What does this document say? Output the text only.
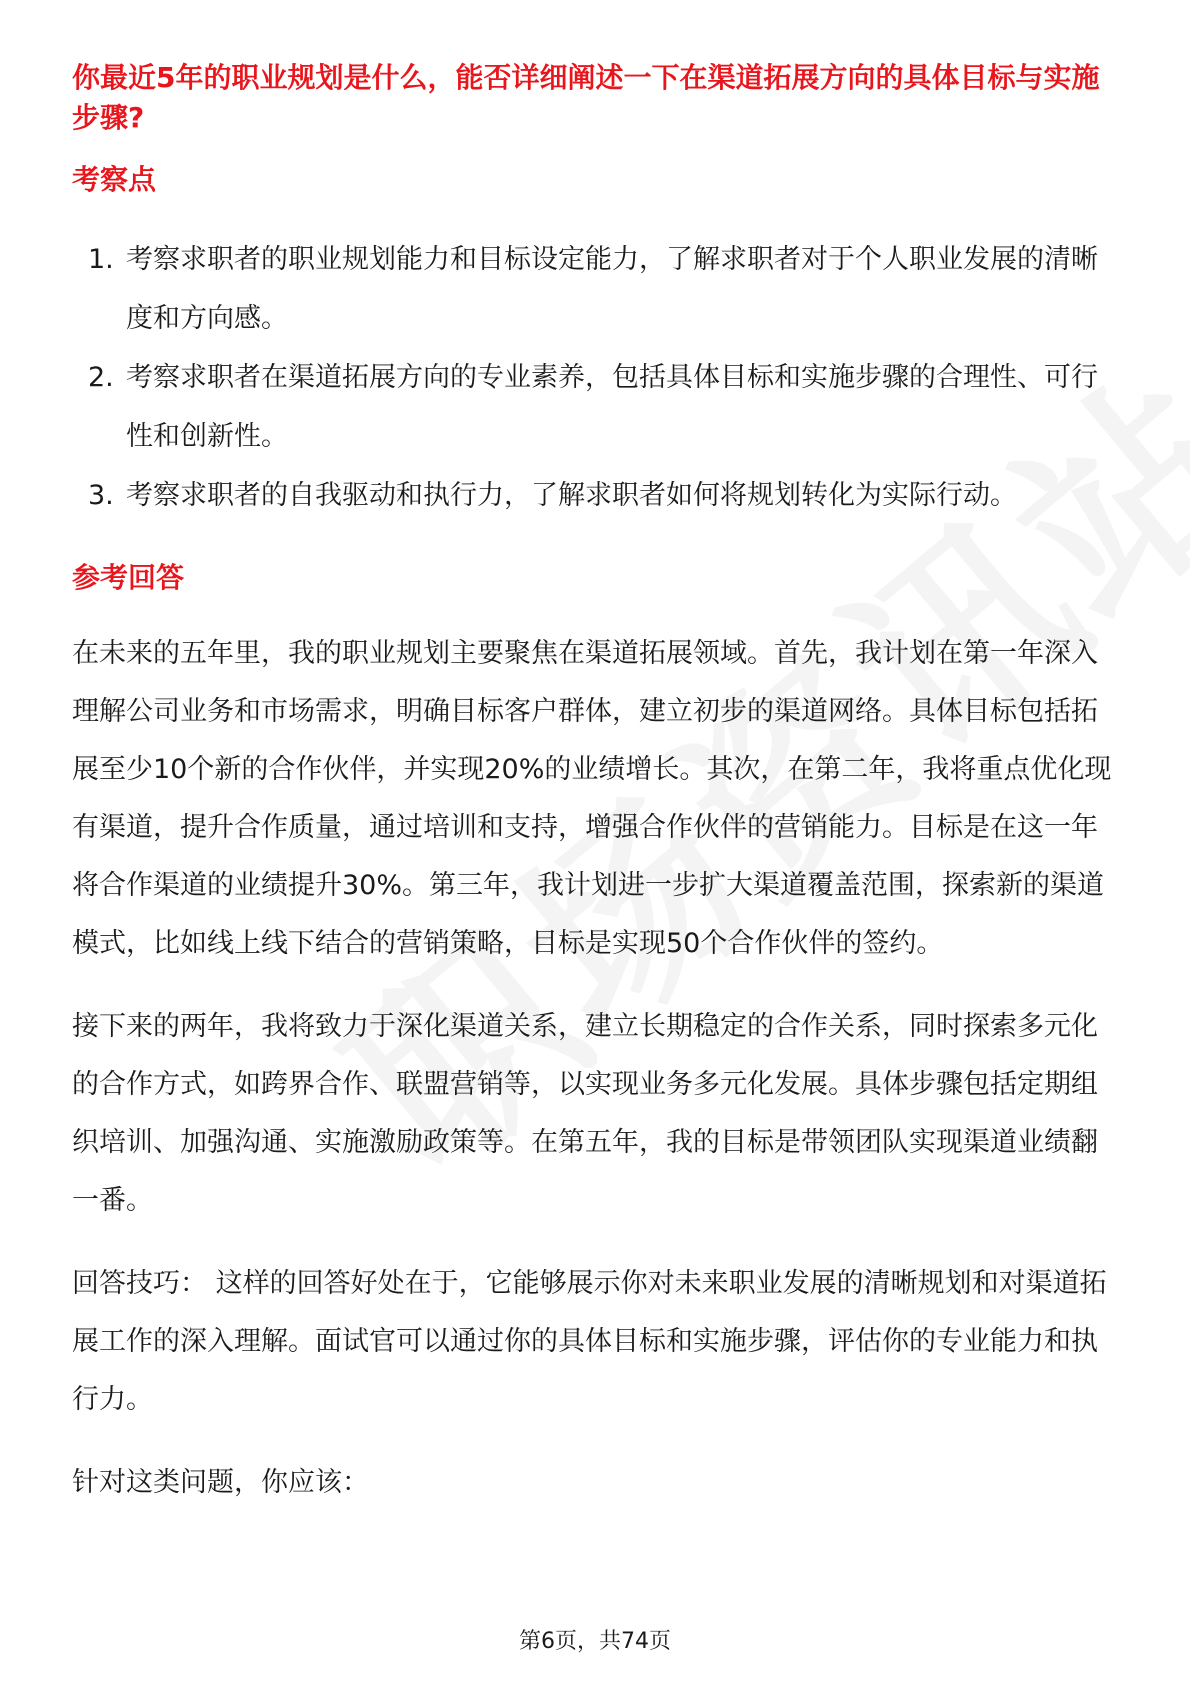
你最近5年的职业规划是什么，能否详细阐述一下在渠道拓展方向的具体目标与实施步骤?

考察点
1. 考察求职者的职业规划能力和目标设定能力，了解求职者对于个人职业发展的清晰度和方向感。
2. 考察求职者在渠道拓展方向的专业素养，包括具体目标和实施步骤的合理性、可行性和创新性。
3. 考察求职者的自我驱动和执行力，了解求职者如何将规划转化为实际行动。
参考回答

在未来的五年里，我的职业规划主要聚焦在渠道拓展领域。首先，我计划在第一年深入理解公司业务和市场需求，明确目标客户群体，建立初步的渠道网络。具体目标包括拓展至少10个新的合作伙伴，并实现20%的业绩增长。其次，在第二年，我将重点优化现有渠道，提升合作质量，通过培训和支持，增强合作伙伴的营销能力。目标是在这一年将合作渠道的业绩提升30%。第三年，我计划进一步扩大渠道覆盖范围，探索新的渠道模式，比如线上线下结合的营销策略，目标是实现50个合作伙伴的签约。

接下来的两年，我将致力于深化渠道关系，建立长期稳定的合作关系，同时探索多元化的合作方式，如跨界合作、联盟营销等，以实现业务多元化发展。具体步骤包括定期组织培训、加强沟通、实施激励政策等。在第五年，我的目标是带领团队实现渠道业绩翻一番。

回答技巧： 这样的回答好处在于，它能够展示你对未来职业发展的清晰规划和对渠道拓展工作的深入理解。面试官可以通过你的具体目标和实施步骤，评估你的专业能力和执行力。

针对这类问题，你应该：

第6页，共74页
